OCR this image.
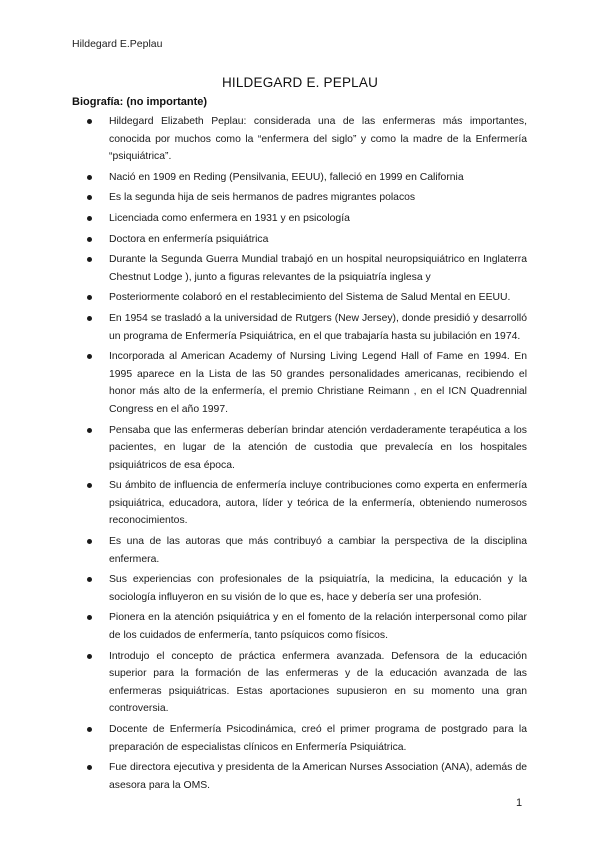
Hildegard E.Peplau
HILDEGARD E. PEPLAU
Biografía: (no importante)
Hildegard Elizabeth Peplau: considerada una de las enfermeras más importantes, conocida por muchos como la “enfermera del siglo” y como la madre de la Enfermería “psiquiátrica”.
Nació en 1909 en Reding (Pensilvania, EEUU), falleció en 1999 en California
Es la segunda hija de seis hermanos de padres migrantes polacos
Licenciada como enfermera en 1931 y en psicología
Doctora en enfermería psiquiátrica
Durante la Segunda Guerra Mundial trabajó en un hospital neuropsiquiátrico en Inglaterra Chestnut Lodge ), junto a figuras relevantes de la psiquiatría inglesa y
Posteriormente colaboró en el restablecimiento del Sistema de Salud Mental en EEUU.
En 1954 se trasladó a la universidad de Rutgers (New Jersey), donde presidió y desarrolló un programa de Enfermería Psiquiátrica, en el que trabajaría hasta su jubilación en 1974.
Incorporada al American Academy of Nursing Living Legend Hall of Fame en 1994. En 1995 aparece en la Lista de las 50 grandes personalidades americanas, recibiendo el honor más alto de la enfermería, el premio Christiane Reimann , en el ICN Quadrennial Congress en el año 1997.
Pensaba que las enfermeras deberían brindar atención verdaderamente terapéutica a los pacientes, en lugar de la atención de custodia que prevalecía en los hospitales psiquiátricos de esa época.
Su ámbito de influencia de enfermería incluye contribuciones como experta en enfermería psiquiátrica, educadora, autora, líder y teórica de la enfermería, obteniendo numerosos reconocimientos.
Es una de las autoras que más contribuyó a cambiar la perspectiva de la disciplina enfermera.
Sus experiencias con profesionales de la psiquiatría, la medicina, la educación y la sociología influyeron en su visión de lo que es, hace y debería ser una profesión.
Pionera en la atención psiquiátrica y en el fomento de la relación interpersonal como pilar de los cuidados de enfermería, tanto psíquicos como físicos.
Introdujo el concepto de práctica enfermera avanzada. Defensora de la educación superior para la formación de las enfermeras y de la educación avanzada de las enfermeras psiquiátricas. Estas aportaciones supusieron en su momento una gran controversia.
Docente de Enfermería Psicodinámica, creó el primer programa de postgrado para la preparación de especialistas clínicos en Enfermería Psiquiátrica.
Fue directora ejecutiva y presidenta de la American Nurses Association (ANA), además de asesora para la OMS.
1
